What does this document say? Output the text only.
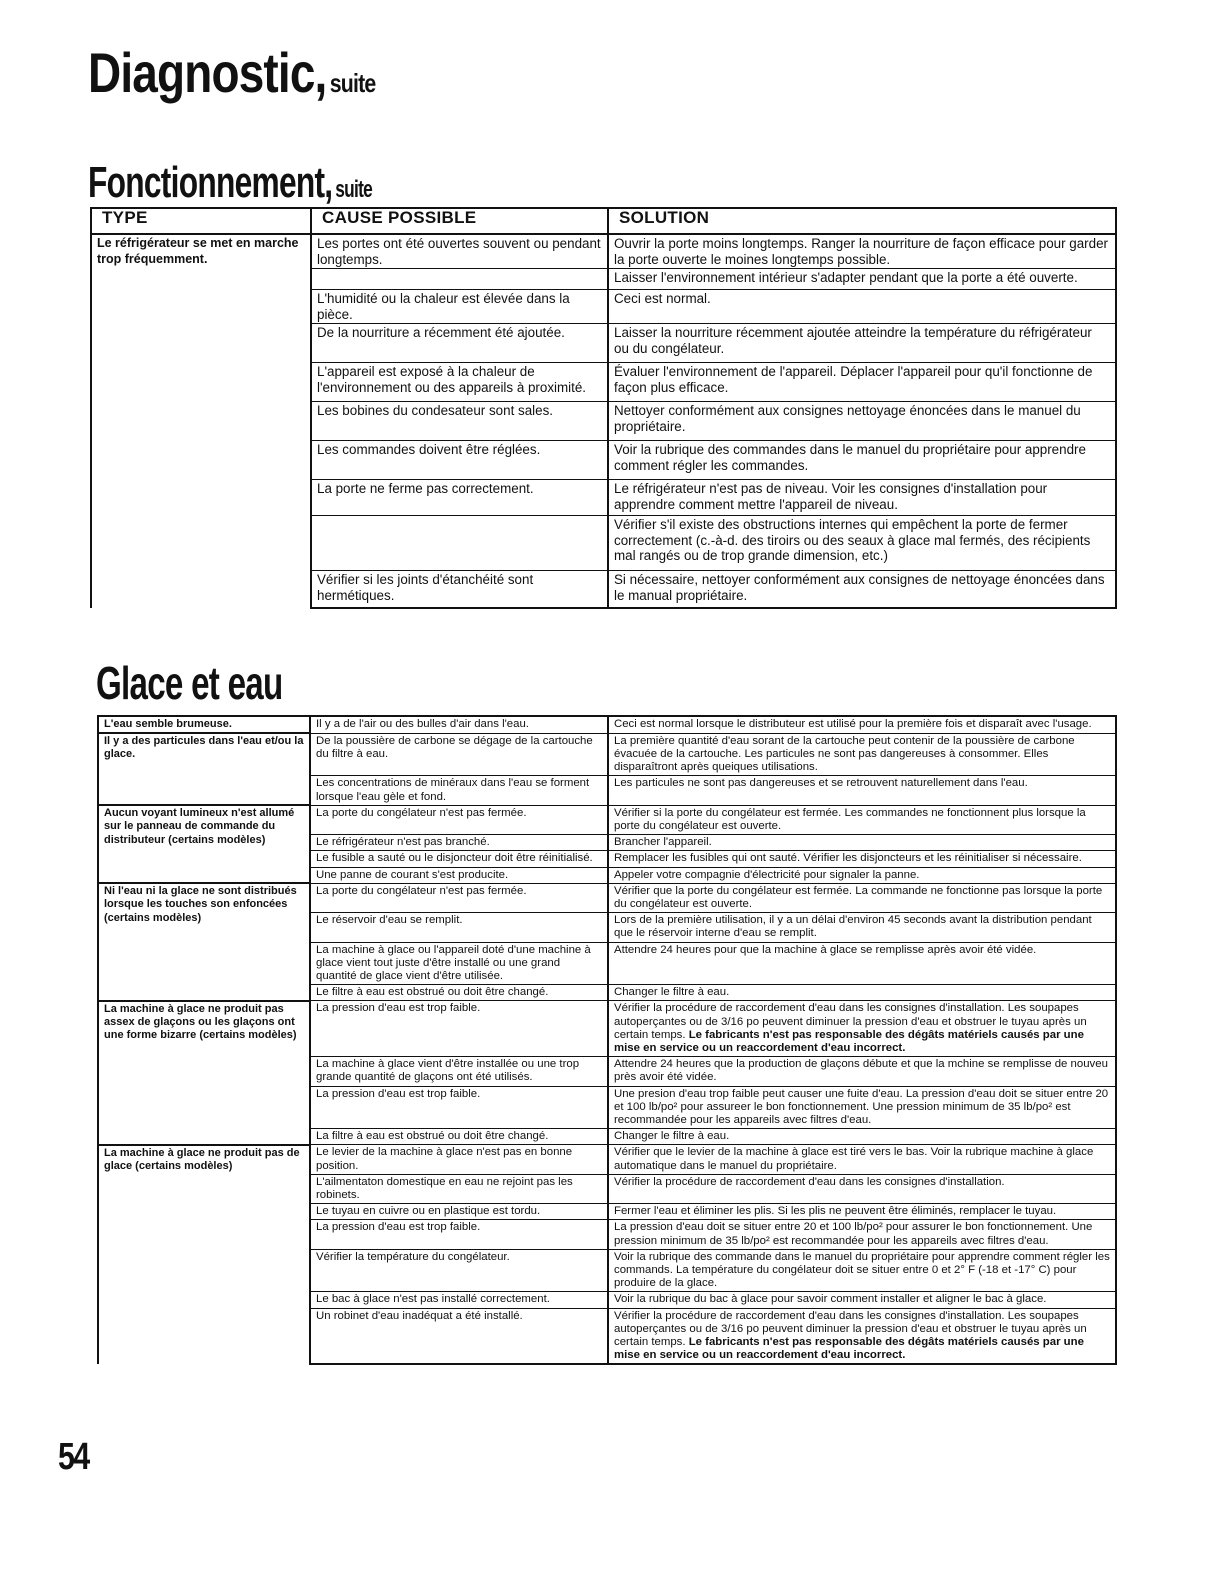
Diagnostic, suite
Fonctionnement, suite
TYPE	CAUSE POSSIBLE	SOLUTION
Le réfrigérateur se met en marche trop fréquemment.	Les portes ont été ouvertes souvent ou pendant longtemps.	Ouvrir la porte moins longtemps. Ranger la nourriture de façon efficace pour garder la porte ouverte le moines longtemps possible.
		Laisser l'environnement intérieur s'adapter pendant que la porte a été ouverte.
	L'humidité ou la chaleur est élevée dans la pièce.	Ceci est normal.
	De la nourriture a récemment été ajoutée.	Laisser la nourriture récemment ajoutée atteindre la température du réfrigérateur ou du congélateur.
	L'appareil est exposé à la chaleur de l'environnement ou des appareils à proximité.	Évaluer l'environnement de l'appareil. Déplacer l'appareil pour qu'il fonctionne de façon plus efficace.
	Les bobines du condesateur sont sales.	Nettoyer conformément aux consignes nettoyage énoncées dans le manuel du propriétaire.
	Les commandes doivent être réglées.	Voir la rubrique des commandes dans le manuel du propriétaire pour apprendre comment régler les commandes.
	La porte ne ferme pas correctement.	Le réfrigérateur n'est pas de niveau. Voir les consignes d'installation pour apprendre comment mettre l'appareil de niveau.
		Vérifier s'il existe des obstructions internes qui empêchent la porte de fermer correctement (c.-à-d. des tiroirs ou des seaux à glace mal fermés, des récipients mal rangés ou de trop grande dimension, etc.)
	Vérifier si les joints d'étanchéité sont hermétiques.	Si nécessaire, nettoyer conformément aux consignes de nettoyage énoncées dans le manual propriétaire.
Glace et eau
L'eau semble brumeuse.	Il y a de l'air ou des bulles d'air dans l'eau.	Ceci est normal lorsque le distributeur est utilisé pour la première fois et disparaît avec l'usage.
Il y a des particules dans l'eau et/ou la glace.	De la poussière de carbone se dégage de la cartouche du filtre à eau.	La première quantité d'eau sorant de la cartouche peut contenir de la poussière de carbone évacuée de la cartouche. Les particules ne sont pas dangereuses à consommer. Elles disparaîtront après queiques utilisations.
	Les concentrations de minéraux dans l'eau se forment lorsque l'eau gèle et fond.	Les particules ne sont pas dangereuses et se retrouvent naturellement dans l'eau.
Aucun voyant lumineux n'est allumé sur le panneau de commande du distributeur (certains modèles)	La porte du congélateur n'est pas fermée.	Vérifier si la porte du congélateur est fermée. Les commandes ne fonctionnent plus lorsque la porte du congélateur est ouverte.
	Le réfrigérateur n'est pas branché.	Brancher l'appareil.
	Le fusible a sauté ou le disjoncteur doit être réinitialisé.	Remplacer les fusibles qui ont sauté. Vérifier les disjoncteurs et les réinitialiser si nécessaire.
	Une panne de courant s'est producite.	Appeler votre compagnie d'électricité pour signaler la panne.
Ni l'eau ni la glace ne sont distribués lorsque les touches son enfoncées (certains modèles)	La porte du congélateur n'est pas fermée.	Vérifier que la porte du congélateur est fermée. La commande ne fonctionne pas lorsque la porte du congélateur est ouverte.
	Le réservoir d'eau se remplit.	Lors de la première utilisation, il y a un délai d'environ 45 seconds avant la distribution pendant que le réservoir interne d'eau se remplit.
	La machine à glace ou l'appareil doté d'une machine à glace vient tout juste d'être installé ou une grand quantité de glace vient d'être utilisée.	Attendre 24 heures pour que la machine à glace se remplisse après avoir été vidée.
	Le filtre à eau est obstrué ou doit être changé.	Changer le filtre à eau.
La machine à glace ne produit pas assex de glaçons ou les glaçons ont une forme bizarre (certains modèles)	La pression d'eau est trop faible.	Vérifier la procédure de raccordement d'eau dans les consignes d'installation. Les soupapes autoperçantes ou de 3/16 po peuvent diminuer la pression d'eau et obstruer le tuyau après un certain temps. Le fabricants n'est pas responsable des dégâts matériels causés par une mise en service ou un reaccordement d'eau incorrect.
	La machine à glace vient d'être installée ou une trop grande quantité de glaçons ont été utilisés.	Attendre 24 heures que la production de glaçons débute et que la mchine se remplisse de nouveu près avoir été vidée.
	La pression d'eau est trop faible.	Une presion d'eau trop faible peut causer une fuite d'eau. La pression d'eau doit se situer entre 20 et 100 lb/po² pour assureer le bon fonctionnement. Une pression minimum de 35 lb/po² est recommandée pour les appareils avec filtres d'eau.
	La filtre à eau est obstrué ou doit être changé.	Changer le filtre à eau.
La machine à glace ne produit pas de glace (certains modèles)	Le levier de la machine à glace n'est pas en bonne position.	Vérifier que le levier de la machine à glace est tiré vers le bas. Voir la rubrique machine à glace automatique dans le manuel du propriétaire.
	L'ailmentaton domestique en eau ne rejoint pas les robinets.	Vérifier la procédure de raccordement d'eau dans les consignes d'installation.
	Le tuyau en cuivre ou en plastique est tordu.	Fermer l'eau et éliminer les plis. Si les plis ne peuvent être éliminés, remplacer le tuyau.
	La pression d'eau est trop faible.	La pression d'eau doit se situer entre 20 et 100 lb/po² pour assurer le bon fonctionnement. Une pression minimum de 35 lb/po² est recommandée pour les appareils avec filtres d'eau.
	Vérifier la température du congélateur.	Voir la rubrique des commande dans le manuel du propriétaire pour apprendre comment régler les commands. La température du congélateur doit se situer entre 0 et 2° F (-18 et -17° C) pour produire de la glace.
	Le bac à glace n'est pas installé correctement.	Voir la rubrique du bac à glace pour savoir comment installer et aligner le bac à glace.
	Un robinet d'eau inadéquat a été installé.	Vérifier la procédure de raccordement d'eau dans les consignes d'installation. Les soupapes autoperçantes ou de 3/16 po peuvent diminuer la pression d'eau et obstruer le tuyau après un certain temps. Le fabricants n'est pas responsable des dégâts matériels causés par une mise en service ou un reaccordement d'eau incorrect.
54
